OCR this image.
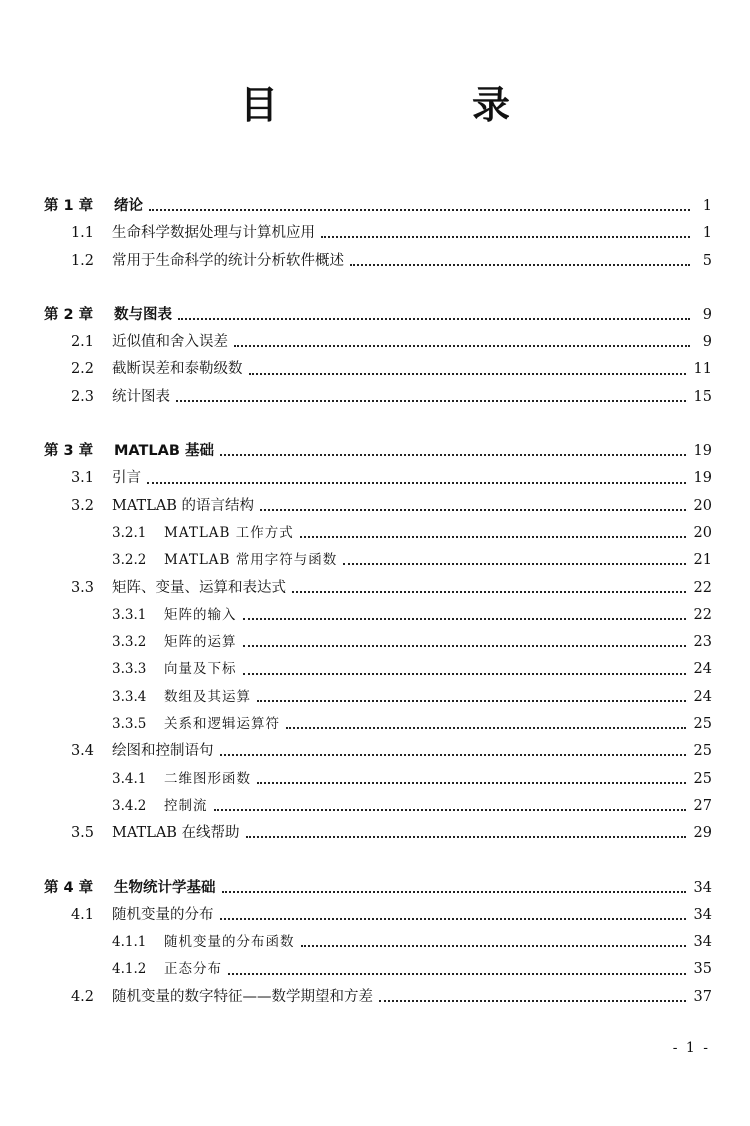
目　录
第 1 章	绪论	1
1.1 生命科学数据处理与计算机应用	1
1.2 常用于生命科学的统计分析软件概述	5
第 2 章	数与图表	9
2.1 近似值和舍入误差	9
2.2 截断误差和泰勒级数	11
2.3 统计图表	15
第 3 章	MATLAB 基础	19
3.1 引言	19
3.2 MATLAB 的语言结构	20
3.2.1	MATLAB 工作方式	20
3.2.2	MATLAB 常用字符与函数	21
3.3 矩阵、变量、运算和表达式	22
3.3.1	矩阵的输入	22
3.3.2	矩阵的运算	23
3.3.3	向量及下标	24
3.3.4	数组及其运算	24
3.3.5	关系和逻辑运算符	25
3.4 绘图和控制语句	25
3.4.1	二维图形函数	25
3.4.2	控制流	27
3.5 MATLAB 在线帮助	29
第 4 章	生物统计学基础	34
4.1 随机变量的分布	34
4.1.1	随机变量的分布函数	34
4.1.2	正态分布	35
4.2 随机变量的数字特征——数学期望和方差	37
- 1 -
